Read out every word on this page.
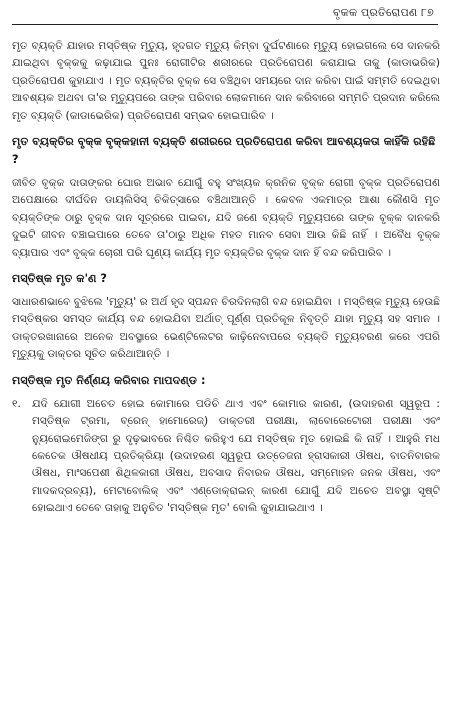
ବୃକକ ପ୍ରତିରୋପଣ ୮୭

ମୃତ ବ୍ୟକ୍ତି ଯାହାର ମସ୍ତିଷ୍କ ମୃତ୍ୟୁ, ହୃଦଗତ ମୃତ୍ୟୁ କିମ୍ବା ଦୁର୍ଘଟଣାରେ ମୃତ୍ୟୁ ହୋଇଗଲେ ସେ ଦାନକରି ଯାଇଥିବା ବୃକ୍କକୁ କଢ଼ାଯାଇ ପୁନଃ ରୋଗୀଟିର ଶରୀରରେ ପ୍ରତିରୋପଣ କରାଯାଇ ତାକୁ (କାଡାଭରିକ) ପ୍ରତିରୋପଣ କୁହାଯାଏ । ମୃତ ବ୍ୟକ୍ତିର ବୃକ୍କ ସେ ବଞ୍ଚିଥିବା ସମୟରେ ଦାନ କରିବା ପାଇଁ ସମ୍ମତି ଦେଇଥିବା ଆବଶ୍ୟକ ଅଥବା ତା'ର ମୃତ୍ୟୁପରେ ତାଙ୍କ ପରିବାର ଲୋକମାନେ ଦାନ କରିବାରେ ସମ୍ମତି ପ୍ରଦାନ କରିଲେ ମୃତ ବ୍ୟକ୍ତି (କାଡାଭେରିକ) ପ୍ରତିରୋପଣ ସମ୍ଭବ ହୋଇପାରିବ ।

ମୃତ ବ୍ୟକ୍ତିର ବୃକ୍କ ବୃକ୍କହାନୀ ବ୍ୟକ୍ତି ଶରୀରରେ ପ୍ରତିରୋପଣ କରିବା ଆବଶ୍ୟକତା କାହିଁକି ରହିଛି ?

ଜୀବିତ ବୃକ୍କ ଦାତାଙ୍କର ଘୋର ଅଭାବ ଯୋଗୁଁ ବହୁ ସଂଖ୍ୟକ କ୍ରନିକ ବୃକ୍କ ରୋଗୀ ବୃକ୍କ ପ୍ରତିରୋପଣ ଅପେକ୍ଷାରେ ଦୀର୍ଘଦିନ ଡାୟଲିସିସ୍ ଚିକିତ୍ସାରେ ବଞ୍ଚିଥାଆନ୍ତି । କେବଳ ଏକମାତ୍ର ଆଶା କୌଣସି ମୃତ ବ୍ୟକ୍ତିଙ୍କ ଠାରୁ ବୃକ୍କ ଦାନ ସୂତ୍ରରେ ପାଇବା, ଯଦି ଜଣେ ବ୍ୟକ୍ତି ମୃତ୍ୟୁପରେ ତାଙ୍କ ବୃକ୍କ ଦାନକରି ଦୁଇଟି ଜୀବନ ବଞ୍ଚାଇପାରେ ତେବେ ତା'ଠାରୁ ଅଧିକ ମହତ ମାନବ ସେବା ଆଉ କିଛି ନାହିଁ । ଅବୈଧ ବୃକ୍କ ବ୍ୟାପାର ଏବଂ ବୃକ୍କ ଚୋରୀ ପରି ଘୃଣ୍ୟ କାର୍ଯ୍ୟ ମୃତ ବ୍ୟକ୍ତିର ବୃକ୍କ ଦାନ ହିଁ ବନ୍ଦ କରିପାରିବ ।

ମସ୍ତିଷ୍କ ମୃତ କ'ଣ ?

ସାଧାରଣଭାବେ ବୁଝିଲେ 'ମୃତ୍ୟୁ' ର ଅର୍ଥ ହୃଦ ସ୍ପନ୍ଦନ ଚିରଦିନଲାଗି ବନ୍ଦ ହୋଇଯିବା । ମସ୍ତିଷ୍କ ମୃତ୍ୟୁ ହେଉଛି ମସ୍ତିଷ୍କର ସମସ୍ତ କାର୍ଯ୍ୟ ବନ୍ଦ ହୋଇଯିବା ଅର୍ଥାତ୍ ପୂର୍ଣ୍ଣ ପ୍ରତିକୂଳ ନିବୃତ୍ତି ଯାହା ମୃତ୍ୟୁ ସହ ସମାନ । ଡାକ୍ତରଖାନାରେ ଅନେକ ଅବସ୍ଥାରେ ଭେଣ୍ଟିଲେଟର କାଢ଼ିନେବାପରେ ବ୍ୟକ୍ତି ମୃତ୍ୟୁବରଣ କରେ ଏପରି ମୃତ୍ୟୁକୁ ଡାକ୍ତର ସୂଚିତ କରିଥାଆନ୍ତି ।

ମସ୍ତିଷ୍କ ମୃତ ନିର୍ଣ୍ଣୟ କରିବାର ମାପଦଣ୍ଡ :
୧.	ଯଦି ଯୋଗୀ ଅଚେତ ହୋଇ କୋମାରେ ପଡିଚି ଥାଏ ଏବଂ କୋମାର କାରଣ, (ଉଦାହରଣ ସ୍ୱରୂପ : ମସ୍ତିଷ୍କ ଟ୍ରମା, ବ୍ରେନ୍ ହାମୋରେଜ୍) ଡାକ୍ତରୀ ପରୀକ୍ଷା, ଲାବୋରେଟୋରୀ ପରୀକ୍ଷା ଏବଂ ନ୍ୟୁରୋଇମେଜିଙ୍ଗ ରୁ ଦୃଢ଼ଭାବରେ ନିଶ୍ଚିତ କରିହୁଏ ଯେ ମସ୍ତିଷ୍କ ମୃତ ହୋଇଛି କି ନାହିଁ । ଆହୁରି ମଧ କେତେକ ଔଷଧୀୟ ପ୍ରତିକ୍ରିୟା (ଉଦାହରଣ ସ୍ୱରୂପ ଉତ୍ତେଜନା ହ୍ରାସକାରୀ ଔଷଧ, ବାତନିବାରକ ଔଷଧ, ମାଂସପେଶୀ ଶିଥିଳକାରୀ ଔଷଧ, ଅବସାଦ ନିବାରକ ଔଷଧ, ସମ୍ମୋହନ ଜନକ ଔଷଧ, ଏବଂ ମାଦକଦ୍ରବ୍ୟ), ମେଟାବୋଲିକ୍ ଏବଂ ଏଣ୍ଡୋକ୍ରାଇନ୍ କାରଣ ଯୋଗୁଁ ଯଦି ଅଚେତ ଅବସ୍ଥା ସୃଷ୍ଟି ହୋଇଥାଏ ତେବେ ତାହାକୁ ଅନୁଚିତ 'ମସ୍ତିଷ୍କ ମୃତ' ବୋଲି କୁହାଯାଇଥାଏ ।
